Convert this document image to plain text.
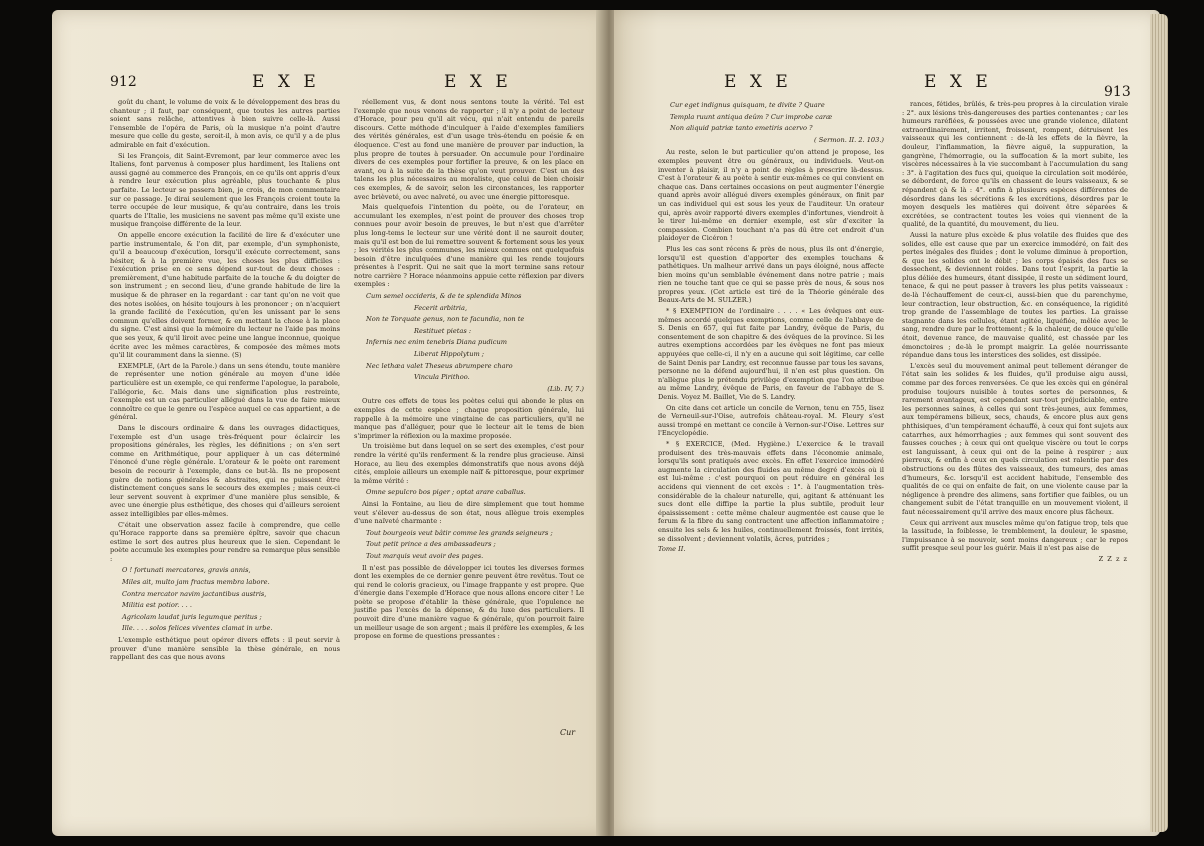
912	E X E	E X E

goût du chant, le volume de voix & le développement des bras du chanteur ; il faut, par conséquent, que toutes les autres parties soient sans relâche, attentives à bien suivre celle-là. Aussi l'ensemble de l'opéra de Paris, où la musique n'a point d'autre mesure que celle du geste, seroit-il, à mon avis, ce qu'il y a de plus admirable en fait d'exécution.

Si les François, dit Saint-Evremont, par leur commerce avec les Italiens, font parvenus à composer plus hardiment, les Italiens ont aussi gagné au commerce des François, en ce qu'ils ont appris d'eux à rendre leur exécution plus agréable, plus touchante & plus parfaite. Le lecteur se passera bien, je crois, de mon commentaire sur ce passage. Je dirai seulement que les François croient toute la terre occupée de leur musique, & qu'au contraire, dans les trois quarts de l'Italie, les musiciens ne savent pas même qu'il existe une musique françoise différente de la leur.

On appelle encore exécution la facilité de lire & d'exécuter une partie instrumentale, & l'on dit, par exemple, d'un symphoniste, qu'il a beaucoup d'exécution, lorsqu'il exécute correctement, sans hésiter, & à la première vue, les choses les plus difficiles : l'exécution prise en ce sens dépend sur-tout de deux choses : premièrement, d'une habitude parfaite de la touche & du doigter de son instrument ; en second lieu, d'une grande habitude de lire la musique & de phraser en la regardant : car tant qu'on ne voit que des notes isolées, on hésite toujours à les prononcer ; on n'acquiert la grande facilité de l'exécution, qu'en les unissant par le sens commun qu'elles doivent former, & en mettant la chose à la place du signe. C'est ainsi que la mémoire du lecteur ne l'aide pas moins que ses yeux, & qu'il liroit avec peine une langue inconnue, quoique écrite avec les mêmes caractères, & composée des mêmes mots qu'il lit couramment dans la sienne. (S)

EXEMPLE, (Art de la Parole.) dans un sens étendu, toute manière de représenter une notion générale au moyen d'une idée particulière est un exemple, ce qui renferme l'apologue, la parabole, l'allégorie, &c. Mais dans une signification plus restreinte, l'exemple est un cas particulier allégué dans la vue de faire mieux connoître ce que le genre ou l'espèce auquel ce cas appartient, a de général.

Dans le discours ordinaire & dans les ouvrages didactiques, l'exemple est d'un usage très-fréquent pour éclaircir les propositions générales, les règles, les définitions ; on s'en sert comme en Arithmétique, pour appliquer à un cas déterminé l'énoncé d'une règle générale. L'orateur & le poète ont rarement besoin de recourir à l'exemple, dans ce but-là. Ils ne proposent guère de notions générales & abstraites, qui ne puissent être distinctement conçues sans le secours des exemples ; mais ceux-ci leur servent souvent à exprimer d'une manière plus sensible, & avec une énergie plus esthétique, des choses qui d'ailleurs seroient assez intelligibles par elles-mêmes.

C'était une observation assez facile à comprendre, que celle qu'Horace rapporte dans sa première épître, savoir que chacun estime le sort des autres plus heureux que le sien. Cependant le poète accumule les exemples pour rendre sa remarque plus sensible :

O ! fortunati mercatores, gravis annis,

Miles ait, multo jam fractus membra labore.

Contra mercator navim jactantibus austris,

Militia est potior. . . .

Agricolam laudat juris legumque peritus ;

Ille. . . . solos felices viventes clamat in urbe.

L'exemple esthétique peut opérer divers effets : il peut servir à prouver d'une manière sensible la thèse générale, en nous rappellant des cas que nous avons

réellement vus, & dont nous sentons toute la vérité. Tel est l'exemple que nous venons de rapporter ; il n'y a point de lecteur d'Horace, pour peu qu'il ait vécu, qui n'ait entendu de pareils discours. Cette méthode d'inculquer à l'aide d'exemples familiers des vérités générales, est d'un usage très-étendu en poésie & en éloquence. C'est au fond une manière de prouver par induction, la plus propre de toutes à persuader. On accumule pour l'ordinaire divers de ces exemples pour fortifier la preuve, & on les place en avant, ou à la suite de la thèse qu'on veut prouver. C'est un des talens les plus nécessaires au moraliste, que celui de bien choisir ces exemples, & de savoir, selon les circonstances, les rapporter avec brièveté, ou avec naïveté, ou avec une énergie pittoresque.

Mais quelquefois l'intention du poète, ou de l'orateur, en accumulant les exemples, n'est point de prouver des choses trop connues pour avoir besoin de preuves, le but n'est que d'arrêter plus long-tems le lecteur sur une vérité dont il ne sauroit douter, mais qu'il est bon de lui remettre souvent & fortement sous les yeux ; les vérités les plus communes, les mieux connues ont quelquefois besoin d'être inculquées d'une manière qui les rende toujours présentes à l'esprit. Qui ne sait que la mort termine sans retour notre carrière ? Horace néanmoins appuie cette réflexion par divers exemples :

Cum semel occideris, & de te splendida Minos

Fecerit arbitria,

Non te Torquate genus, non te facundia, non te

Restituet pietas :

Infernis nec enim tenebris Diana pudicum

Liberat Hippolytum ;

Nec lethæa valet Theseus abrumpere charo

Vincula Pirithoo.

(Lib. IV, 7.)

Outre ces effets de tous les poètes celui qui abonde le plus en exemples de cette espèce ; chaque proposition générale, lui rappelle à la mémoire une vingtaine de cas particuliers, qu'il ne manque pas d'alléguer, pour que le lecteur ait le tems de bien s'imprimer la réflexion ou la maxime proposée.

Un troisième but dans lequel on se sert des exemples, c'est pour rendre la vérité qu'ils renferment & la rendre plus gracieuse. Ainsi Horace, au lieu des exemples démonstratifs que nous avons déjà cités, emploie ailleurs un exemple naïf & pittoresque, pour exprimer la même vérité :

Omne sepulcro bos piger ; optat arare caballus.

Ainsi la Fontaine, au lieu de dire simplement que tout homme veut s'élever au-dessus de son état, nous allègue trois exemples d'une naïveté charmante :

Tout bourgeois veut bâtir comme les grands seigneurs ;

Tout petit prince a des ambassadeurs ;

Tout marquis veut avoir des pages.

Il n'est pas possible de développer ici toutes les diverses formes dont les exemples de ce dernier genre peuvent être revêtus. Tout ce qui rend le coloris gracieux, ou l'image frappante y est propre. Que d'énergie dans l'exemple d'Horace que nous allons encore citer ! Le poète se propose d'établir la thèse générale, que l'opulence ne justifie pas l'excès de la dépense, & du luxe des particuliers. Il pouvoit dire d'une manière vague & générale, qu'on pourroit faire un meilleur usage de son argent ; mais il préfère les exemples, & les propose en forme de questions pressantes :

Cur
E X E	E X E	913

Cur eget indignus quisquam, te divite ? Quare

Templa ruunt antiqua deûm ? Cur improbe caræ

Non aliquid patriæ tanto emetiris acervo ?

( Sermon. II. 2. 103.)

Au reste, selon le but particulier qu'on attend je propose, les exemples peuvent être ou généraux, ou individuels. Veut-on inventer à plaisir, il n'y a point de règles à prescrire là-dessus. C'est à l'orateur & au poète à sentir eux-mêmes ce qui convient en chaque cas. Dans certaines occasions on peut augmenter l'énergie quand après avoir allégué divers exemples généraux, on finit par un cas individuel qui est sous les yeux de l'auditeur. Un orateur qui, après avoir rapporté divers exemples d'infortunes, viendroit à le tirer lui-même en dernier exemple, est sûr d'exciter la compassion. Combien touchant n'a pas dû être cet endroit d'un plaidoyer de Cicéron !

Plus les cas sont récens & près de nous, plus ils ont d'énergie, lorsqu'il est question d'apporter des exemples touchans & pathétiques. Un malheur arrivé dans un pays éloigné, nous affecte bien moins qu'un semblable événement dans notre patrie ; mais rien ne touche tant que ce qui se passe près de nous, & sous nos propres yeux. (Cet article est tiré de la Théorie générale des Beaux-Arts de M. SULZER.)

* § EXEMPTION de l'ordinaire . . . . « Les évêques ont eux-mêmes accordé quelques exemptions, comme celle de l'abbaye de S. Denis en 657, qui fut faite par Landry, évêque de Paris, du consentement de son chapitre & des évêques de la province. Si les autres exemptions accordées par les évêques ne font pas mieux appuyées que celle-ci, il n'y en a aucune qui soit légitime, car celle de Saint Denis par Landry, est reconnue fausse par tous les savans, personne ne la défend aujourd'hui, il n'en est plus question. On n'allègue plus le prétendu privilège d'exemption que l'on attribue au même Landry, évêque de Paris, en faveur de l'abbaye de S. Denis. Voyez M. Baillet, Vie de S. Landry.

On cite dans cet article un concile de Vernon, tenu en 755, lisez de Verneuil-sur-l'Oise, autrefois château-royal. M. Fleury s'est aussi trompé en mettant ce concile à Vernon-sur-l'Oise. Lettres sur l'Encyclopédie.

* § EXERCICE, (Med. Hygiène.) L'exercice & le travail produisent des très-mauvais effets dans l'économie animale, lorsqu'ils sont pratiqués avec excès. En effet l'exercice immodéré augmente la circulation des fluides au même degré d'excès où il est lui-même : c'est pourquoi on peut réduire en général les accidens qui viennent de cet excès : 1°. à l'augmentation très-considérable de la chaleur naturelle, qui, agitant & atténuant les sucs dont elle diffipe la partie la plus subtile, produit leur épaississement : cette même chaleur augmentée est cause que le ferum & la fibre du sang contractent une affection inflammatoire ; ensuite les sels & les huiles, continuellement froissés, font irrités, se dissolvent ; deviennent volatils, âcres, putrides ;

Tome II.

rances, fétides, brûlés, & très-peu propres à la circulation virale : 2°. aux lésions très-dangereuses des parties contenantes ; car les humeurs raréfiées, & poussées avec une grande violence, dilatent extraordinairement, irritent, froissent, rompent, détruisent les vaisseaux qui les contiennent : de-là les effets de la fièvre, la douleur, l'inflammation, la fièvre aiguë, la suppuration, la gangrène, l'hémorragie, ou la suffocation & la mort subite, les viscères nécessaires à la vie succombant à l'accumulation du sang : 3°. à l'agitation des fucs qui, quoique la circulation soit modérée, se débordent, de force qu'ils en chassent de leurs vaisseaux, & se répandent çà & là : 4°. enfin à plusieurs espèces différentes de désordres dans les sécrétions & les excrétions, désordres par le moyen desquels les matières qui doivent être séparées & excrétées, se contractent toutes les voies qui viennent de la qualité, de la quantité, du mouvement, du lieu.

Aussi la nature plus excède & plus volatile des fluides que des solides, elle est cause que par un exercice immodéré, on fait des pertes inégales des fluides ; dont le volume diminue à proportion, & que les solides ont le débit ; les corps épaisés des fucs se dessechent, & deviennent roides. Dans tout l'esprit, la partie la plus déliée des humeurs, étant dissipée, il reste un sédiment lourd, tenace, & qui ne peut passer à travers les plus petits vaisseaux : de-là l'échauffement de ceux-ci, aussi-bien que du parenchyme, leur contraction, leur obstruction, &c. en conséquence, la rigidité trop grande de l'assemblage de toutes les parties. La graisse stagnante dans les cellules, étant agitée, liquéfiée, mêlée avec le sang, rendre dure par le frottement ; & la chaleur, de douce qu'elle étoit, devenue rance, de mauvaise qualité, est chassée par les émonctoires ; de-là le prompt maigrir. La gelée nourrissante répandue dans tous les interstices des solides, est dissipée.

L'excès seul du mouvement animal peut tellement déranger de l'état sain les solides & les fluides, qu'il produise aigu aussi, comme par des forces renversées. Ce que les excès qui en général produise toujours nuisible à toutes sortes de personnes, & rarement avantageux, est cependant sur-tout préjudiciable, entre les personnes saines, à celles qui sont très-jeunes, aux femmes, aux tempéramens bilieux, secs, chauds, & encore plus aux gens phthisiques, d'un tempérament échauffé, à ceux qui font sujets aux catarrhes, aux hémorrhagies ; aux femmes qui sont souvent des fausses couches ; à ceux qui ont quelque viscère ou tout le corps est languissant, à ceux qui ont de la peine à respirer ; aux pierreux, & enfin à ceux en quels circulation est ralentie par des obstructions ou des flûtes des vaisseaux, des tumeurs, des amas d'humeurs, &c. lorsqu'il est accident habitude, l'ensemble des qualités de ce qui on enfaite de fait, on une violente cause par la négligence à prendre des alimens, sans fortifier que faibles, ou un changement subit de l'état tranquille en un mouvement violent, il faut nécessairement qu'il arrive des maux encore plus fâcheux.

Ceux qui arrivent aux muscles même qu'on fatigue trop, tels que la lassitude, la foiblesse, le tremblement, la douleur, le spasme, l'impuissance à se mouvoir, sont moins dangereux ; car le repos suffit presque seul pour les guérir. Mais il n'est pas aise de

Z Z z z
